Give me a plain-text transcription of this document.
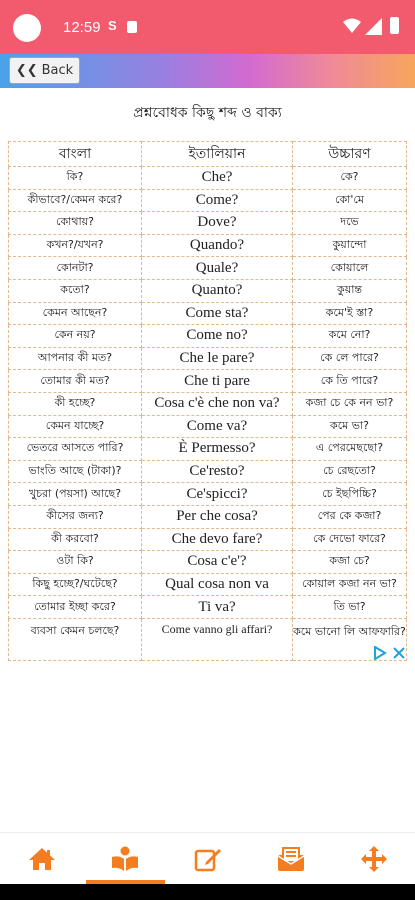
12:59 S
❮❮ Back
প্রশ্নবোধক কিছু শব্দ ও বাক্য
বাংলা	ইতালিয়ান	উচ্চারণ
কি?	Che?	কে?
কীভাবে?/কেমন করে?	Come?	কো'মে
কোথায়?	Dove?	দভে
কখন?/যখন?	Quando?	কুয়ান্দো
কোনটা?	Quale?	কোয়ালে
কতো?	Quanto?	কুয়ান্ত
কেমন আছেন?	Come sta?	কমে'ই স্তা?
কেন নয়?	Come no?	কমে নো?
আপনার কী মত?	Che le pare?	কে লে পারে?
তোমার কী মত?	Che ti pare	কে তি পারে?
কী হচ্ছে?	Cosa c'è che non va?	কজা চে কে নন ভা?
কেমন যাচ্ছে?	Come va?	কমে ভা?
ভেতরে আসতে পারি?	È Permesso?	এ পেরমেছছো?
ভাংতি আছে (টাকা)?	Ce'resto?	চে রেছতো?
খুচরা (পয়সা) আছে?	Ce'spicci?	চে ইছপিচ্চি?
কীসের জন্য?	Per che cosa?	পের কে কজা?
কী করবো?	Che devo fare?	কে দেভো ফারে?
ওটা কি?	Cosa c'e'?	কজা চে?
কিছু হচ্ছে?/ঘটেছে?	Qual cosa non va	কোয়াল কজা নন ভা?
তোমার ইচ্ছা করে?	Ti va?	তি ভা?
ব্যবসা কেমন চলছে?	Come vanno gli affari?	কমে ভানো লি আফফারি?
